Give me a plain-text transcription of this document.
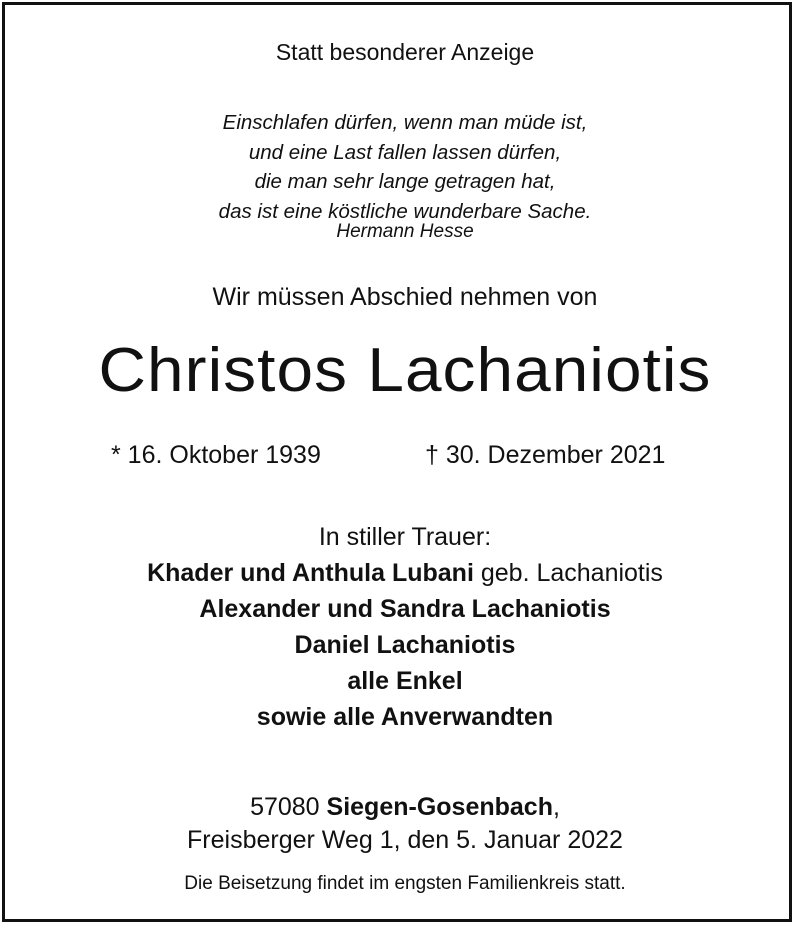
Statt besonderer Anzeige
Einschlafen dürfen, wenn man müde ist,
und eine Last fallen lassen dürfen,
die man sehr lange getragen hat,
das ist eine köstliche wunderbare Sache.
Hermann Hesse
Wir müssen Abschied nehmen von
Christos Lachaniotis
* 16. Oktober 1939	† 30. Dezember 2021
In stiller Trauer:
Khader und Anthula Lubani geb. Lachaniotis
Alexander und Sandra Lachaniotis
Daniel Lachaniotis
alle Enkel
sowie alle Anverwandten
57080 Siegen-Gosenbach,
Freisberger Weg 1, den 5. Januar 2022
Die Beisetzung findet im engsten Familienkreis statt.
